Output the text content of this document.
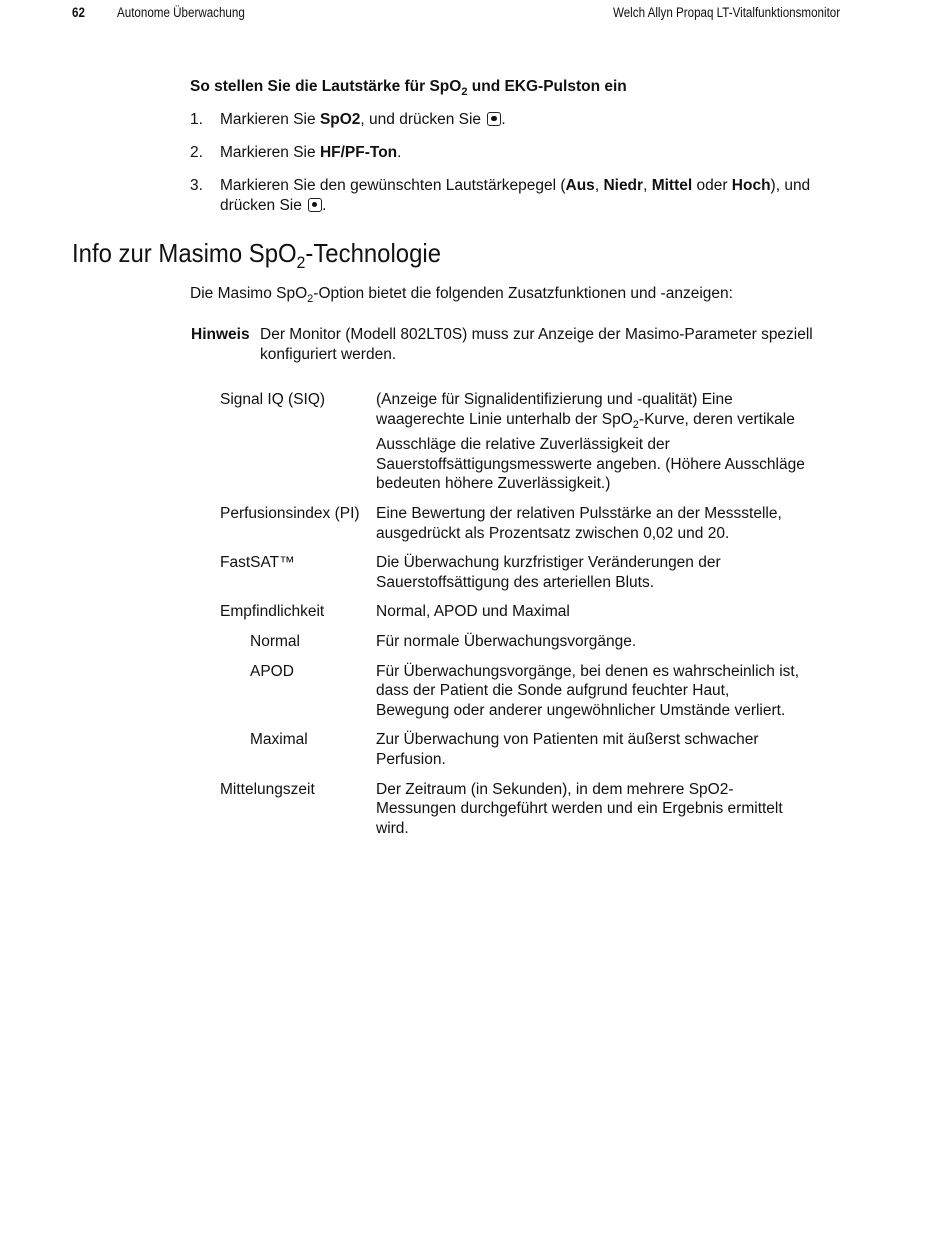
62 Autonome Überwachung	Welch Allyn Propaq LT-Vitalfunktionsmonitor
So stellen Sie die Lautstärke für SpO$_2$ und EKG-Pulston ein
1. Markieren Sie SpO2, und drücken Sie .
2. Markieren Sie HF/PF-Ton.
3. Markieren Sie den gewünschten Lautstärkepegel (Aus, Niedr, Mittel oder Hoch), und drücken Sie .
Info zur Masimo SpO$_2$-Technologie
Die Masimo SpO$_2$-Option bietet die folgenden Zusatzfunktionen und -anzeigen:
Hinweis Der Monitor (Modell 802LT0S) muss zur Anzeige der Masimo-Parameter speziell konfiguriert werden.
Signal IQ (SIQ)	(Anzeige für Signalidentifizierung und -qualität) Eine waagerechte Linie unterhalb der SpO$_2$-Kurve, deren vertikale Ausschläge die relative Zuverlässigkeit der Sauerstoffsättigungsmesswerte angeben. (Höhere Ausschläge bedeuten höhere Zuverlässigkeit.)
Perfusionsindex (PI)	Eine Bewertung der relativen Pulsstärke an der Messstelle, ausgedrückt als Prozentsatz zwischen 0,02 und 20.
FastSAT™	Die Überwachung kurzfristiger Veränderungen der Sauerstoffsättigung des arteriellen Bluts.
Empfindlichkeit	Normal, APOD und Maximal
Normal	Für normale Überwachungsvorgänge.
APOD	Für Überwachungsvorgänge, bei denen es wahrscheinlich ist, dass der Patient die Sonde aufgrund feuchter Haut, Bewegung oder anderer ungewöhnlicher Umstände verliert.
Maximal	Zur Überwachung von Patienten mit äußerst schwacher Perfusion.
Mittelungszeit	Der Zeitraum (in Sekunden), in dem mehrere SpO2-Messungen durchgeführt werden und ein Ergebnis ermittelt wird.
